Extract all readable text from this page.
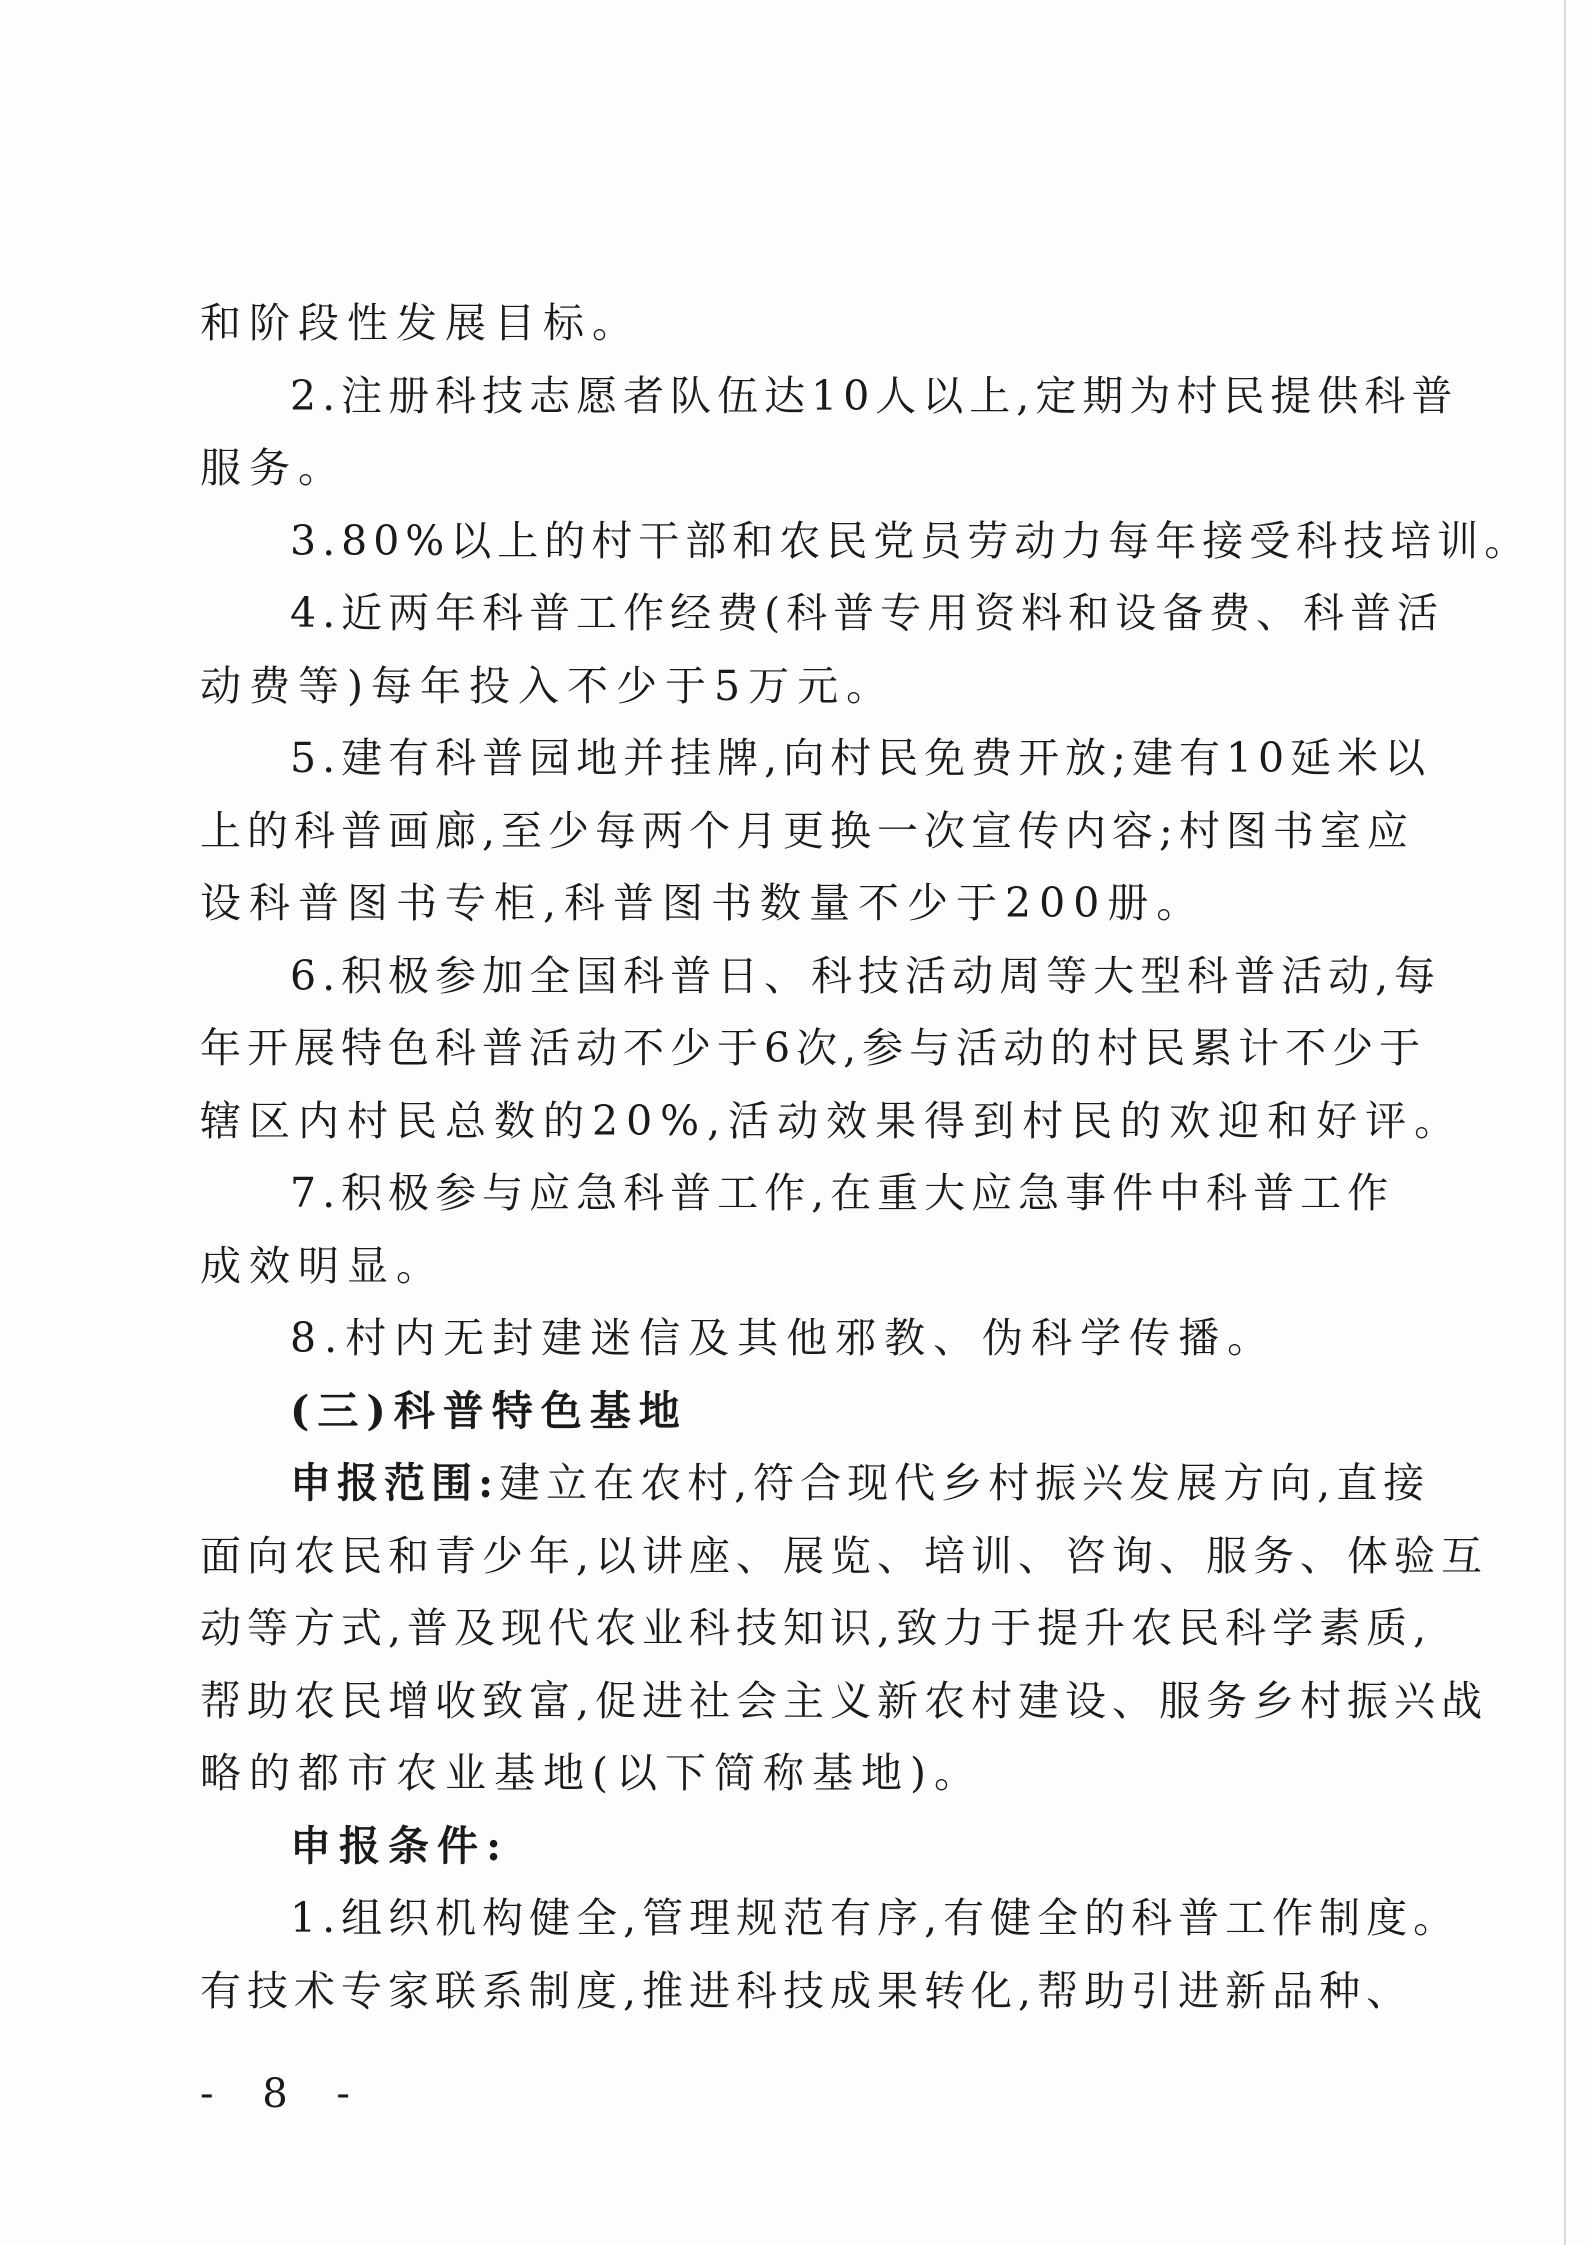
和阶段性发展目标。
2.注册科技志愿者队伍达10人以上,定期为村民提供科普
服务。
3.80%以上的村干部和农民党员劳动力每年接受科技培训。
4.近两年科普工作经费(科普专用资料和设备费、科普活
动费等)每年投入不少于5万元。
5.建有科普园地并挂牌,向村民免费开放;建有10延米以
上的科普画廊,至少每两个月更换一次宣传内容;村图书室应
设科普图书专柜,科普图书数量不少于200册。
6.积极参加全国科普日、科技活动周等大型科普活动,每
年开展特色科普活动不少于6次,参与活动的村民累计不少于
辖区内村民总数的20%,活动效果得到村民的欢迎和好评。
7.积极参与应急科普工作,在重大应急事件中科普工作
成效明显。
8.村内无封建迷信及其他邪教、伪科学传播。
(三)科普特色基地
申报范围:建立在农村,符合现代乡村振兴发展方向,直接
面向农民和青少年,以讲座、展览、培训、咨询、服务、体验互
动等方式,普及现代农业科技知识,致力于提升农民科学素质,
帮助农民增收致富,促进社会主义新农村建设、服务乡村振兴战
略的都市农业基地(以下简称基地)。
申报条件:
1.组织机构健全,管理规范有序,有健全的科普工作制度。
有技术专家联系制度,推进科技成果转化,帮助引进新品种、
- 8 -
